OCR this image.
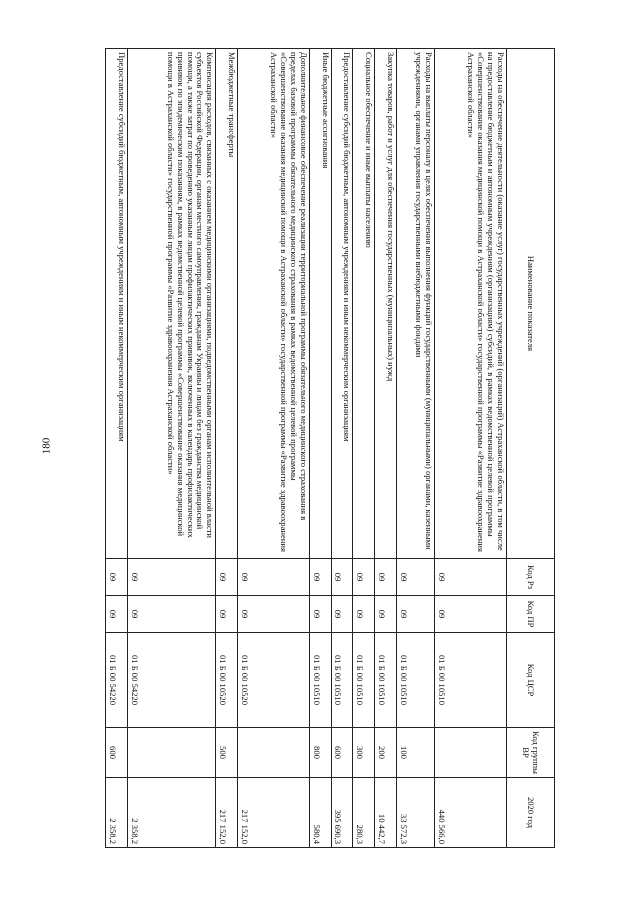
180
Наименование показателя	Код Рз	Код ПР	Код ЦСР	Код группы ВР	2020 год
Расходы на обеспечение деятельности (оказание услуг) государственных учреждений (организаций) Астраханской области, в том числе на предоставление бюджетным и автономным учреждениям (организациям) субсидий, в рамках ведомственной целевой программы «Совершенствование оказания медицинской помощи в Астраханской области» государственной программы «Развитие здравоохранения Астраханской области»	09	09	01 Б 00 10510		440 566,0
Расходы на выплаты персоналу в целях обеспечения выполнения функций государственными (муниципальными) органами, казенными учреждениями, органами управления государственными внебюджетными фондами	09	09	01 Б 00 10510	100	33 572,3
Закупка товаров, работ и услуг для обеспечения государственных (муниципальных) нужд	09	09	01 Б 00 10510	200	10 442,7
Социальное обеспечение и иные выплаты населению	09	09	01 Б 00 10510	300	280,3
Предоставление субсидий бюджетным, автономным учреждениям и иным некоммерческим организациям	09	09	01 Б 00 10510	600	395 690,3
Иные бюджетные ассигнования	09	09	01 Б 00 10510	800	580,4
Дополнительное финансовое обеспечение реализации территориальной программы обязательного медицинского страхования в пределах базовой программы обязательного медицинского страхования в рамках ведомственной целевой программы «Совершенствование оказания медицинской помощи в Астраханской области» государственной программы «Развитие здравоохранения Астраханской области»	09	09	01 Б 00 10520		217 152,0
Межбюджетные трансферты	09	09	01 Б 00 10520	500	217 152,0
Компенсация расходов, связанных с оказанием медицинскими организациями, подведомственными органам исполнительной власти субъектов Российской Федерации, органам местного самоуправления, гражданам Украины и лицам без гражданства медицинской помощи, а также затрат по проведению указанным лицам профилактических прививок, включенных в календарь профилактических прививок по эпидемическим показаниям, в рамках ведомственной целевой программы «Совершенствование оказания медицинской помощи в Астраханской области» государственной программы «Развитие здравоохранения Астраханской области»	09	09	01 Б 00 54220		2 358,2
Предоставление субсидий бюджетным, автономным учреждениям и иным некоммерческим организациям	09	09	01 Б 00 54220	600	2 358,2
